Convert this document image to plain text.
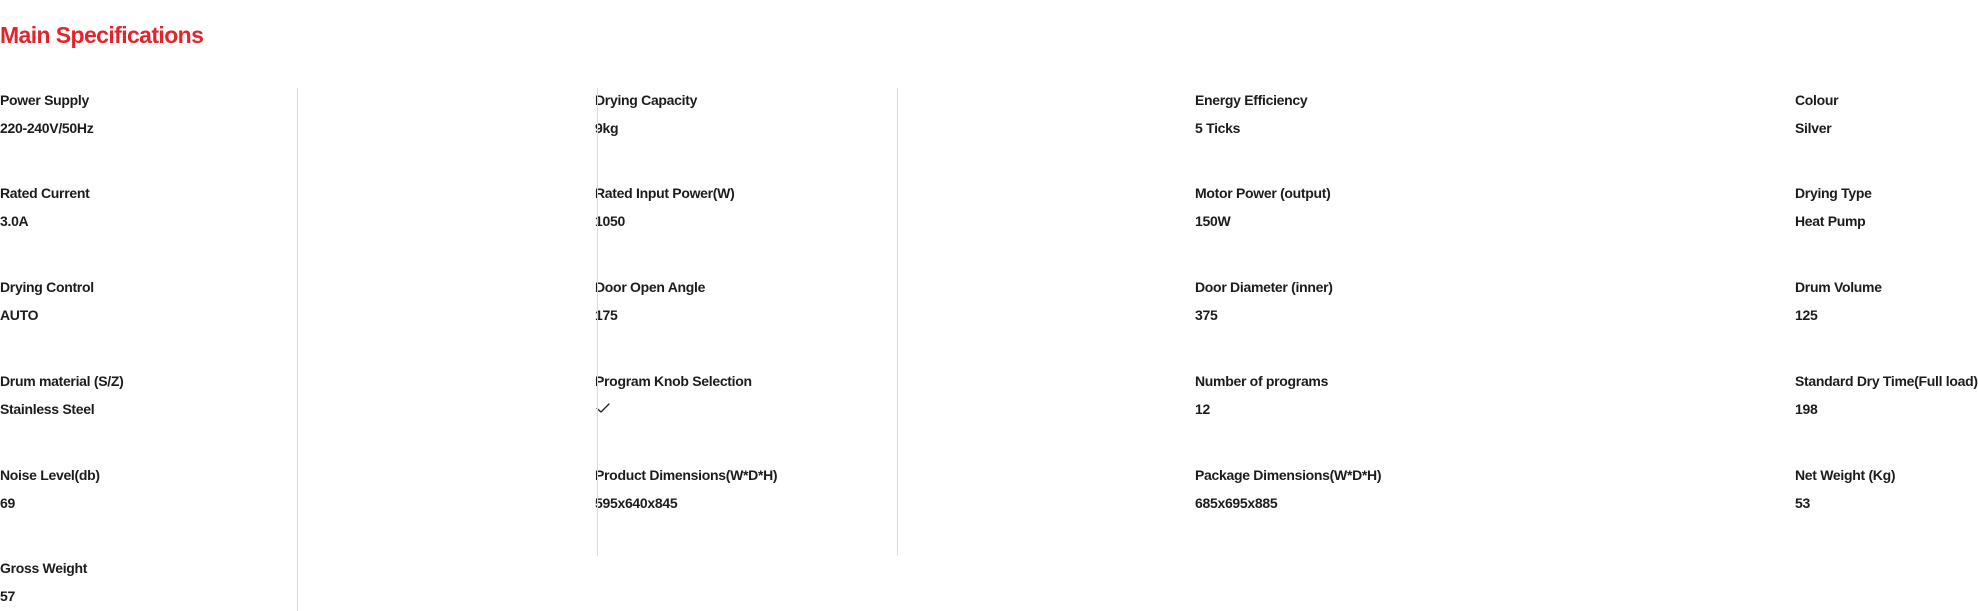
Main Specifications
Power Supply
220-240V/50Hz
Rated Current
3.0A
Drying Control
AUTO
Drum material (S/Z)
Stainless Steel
Noise Level(db)
69
Gross Weight
57
Drying Capacity
9kg
Rated Input Power(W)
1050
Door Open Angle
175
Program Knob Selection
Product Dimensions(W*D*H)
595x640x845
Energy Efficiency
5 Ticks
Motor Power (output)
150W
Door Diameter (inner)
375
Number of programs
12
Package Dimensions(W*D*H)
685x695x885
Colour
Silver
Drying Type
Heat Pump
Drum Volume
125
Standard Dry Time(Full load)
198
Net Weight (Kg)
53
